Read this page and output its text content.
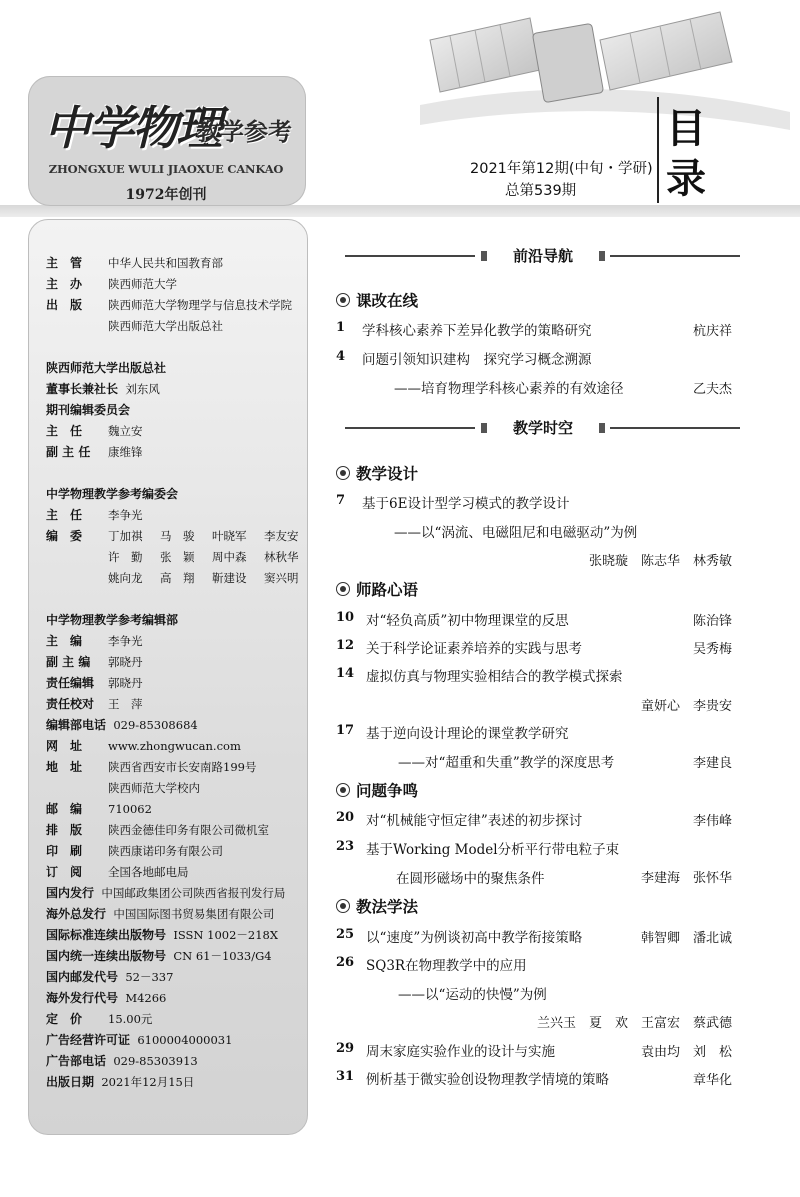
中学物理
教学参考
ZHONGXUE WULI JIAOXUE CANKAO
1972年创刊
2021年第12期(中旬・学研)
总第539期
目录
主　管 中华人民共和国教育部
主　办 陕西师范大学
出　版 陕西师范大学物理学与信息技术学院
陕西师范大学出版总社
陕西师范大学出版总社
董事长兼社长 刘东风
期刊编辑委员会
主　任 魏立安
副 主 任 康维锋
中学物理教学参考编委会
主　任 李争光
编　委 丁加祺 马　骏 叶晓军 李友安
许　勤 张　颖 周中森 林秋华
姚向龙 高　翔 靳建设 窦兴明
中学物理教学参考编辑部
主　编 李争光
副 主 编 郭晓丹
责任编辑 郭晓丹
责任校对 王　萍
编辑部电话 029-85308684
网　址 www.zhongwucan.com
地　址 陕西省西安市长安南路199号
陕西师范大学校内
邮　编 710062
排　版 陕西金德佳印务有限公司微机室
印　刷 陕西康诺印务有限公司
订　阅 全国各地邮电局
国内发行 中国邮政集团公司陕西省报刊发行局
海外总发行 中国国际图书贸易集团有限公司
国际标准连续出版物号 ISSN 1002－218X
国内统一连续出版物号 CN 61－1033/G4
国内邮发代号 52－337
海外发行代号 M4266
定　价 15.00元
广告经营许可证 6100004000031
广告部电话 029-85303913
出版日期 2021年12月15日
前沿导航
课改在线
1 学科核心素养下差异化教学的策略研究	杭庆祥
4 问题引领知识建构　探究学习概念溯源
——培育物理学科核心素养的有效途径	乙夫杰
教学时空
教学设计
7 基于6E设计型学习模式的教学设计
——以“涡流、电磁阻尼和电磁驱动”为例
张晓璇　陈志华　林秀敏
师路心语
10 对“轻负高质”初中物理课堂的反思	陈治锋
12 关于科学论证素养培养的实践与思考	吴秀梅
14 虚拟仿真与物理实验相结合的教学模式探索
童妍心　李贵安
17 基于逆向设计理论的课堂教学研究
——对“超重和失重”教学的深度思考	李建良
问题争鸣
20 对“机械能守恒定律”表述的初步探讨	李伟峰
23 基于Working Model分析平行带电粒子束
在圆形磁场中的聚焦条件	李建海　张怀华
教法学法
25 以“速度”为例谈初高中教学衔接策略	韩智卿　潘北诚
26 SQ3R在物理教学中的应用
——以“运动的快慢”为例
兰兴玉　夏　欢　王富宏　蔡武德
29 周末家庭实验作业的设计与实施	袁由均　刘　松
31 例析基于微实验创设物理教学情境的策略	章华化
